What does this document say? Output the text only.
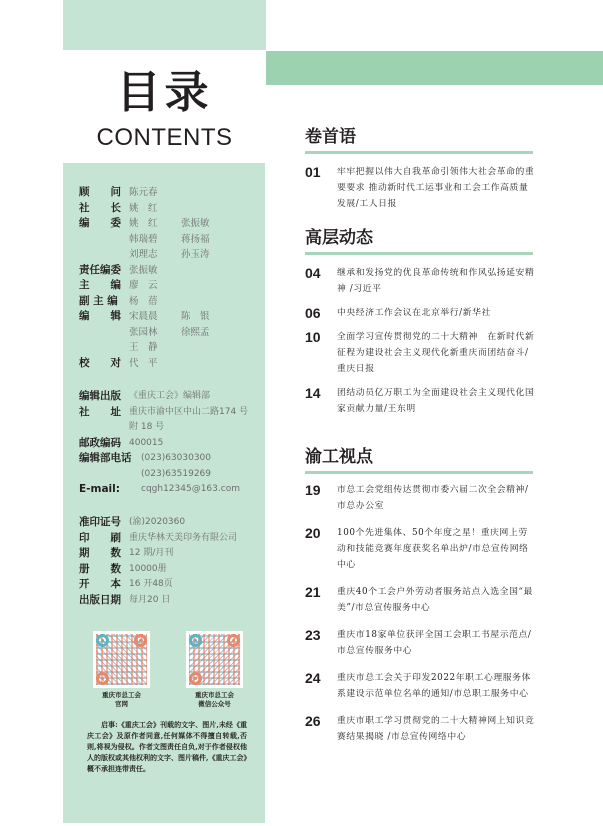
目录
CONTENTS
顾　　问 陈元春
社　　长 姚　红
编　　委 姚　红	张振敏
韩瑞碧	蒋扬福
刘理志	孙玉涛
责任编委 张振敏
主　　编 廖　云
副 主 编	杨　蓓
编　　辑 宋晨晨	陈　银
张园林	徐熙孟
王　静
校　　对 代　平
编辑出版 《重庆工会》编辑部
社　　址 重庆市渝中区中山二路174 号
附 18 号
邮政编码 400015
编辑部电话	(023)63030300
(023)63519269
E-mail:	cqgh12345@163.com
准印证号 (渝)2020360
印　　刷 重庆华林天美印务有限公司
期　　数 12 期/月刊
册　　数 10000册
开　　本 16 开48页
出版日期 每月20 日
重庆市总工会
官网
重庆市总工会
微信公众号
启事:《重庆工会》刊载的文字、图片,未经《重庆工会》及原作者同意,任何媒体不得擅自转载,否则,将视为侵权。作者文图责任自负,对于作者侵权他人的版权或其他权利的文字、图片稿件,《重庆工会》概不承担连带责任。
卷首语
01	牢牢把握以伟大自我革命引领伟大社会革命的重要要求 推动新时代工运事业和工会工作高质量发展/工人日报
高层动态
04	继承和发扬党的优良革命传统和作风弘扬延安精神 /习近平
06	中央经济工作会议在北京举行/新华社
10	全面学习宣传贯彻党的二十大精神　在新时代新征程为建设社会主义现代化新重庆而团结奋斗/重庆日报
14	团结动员亿万职工为全面建设社会主义现代化国家贡献力量/王东明
渝工视点
19	市总工会党组传达贯彻市委六届二次全会精神/市总办公室
20	100个先进集体、50个年度之星！重庆网上劳动和技能竞赛年度获奖名单出炉/市总宣传网络中心
21	重庆40个工会户外劳动者服务站点入选全国“最美”/市总宣传服务中心
23	重庆市18家单位获评全国工会职工书屋示范点/市总宣传服务中心
24	重庆市总工会关于印发2022年职工心理服务体系建设示范单位名单的通知/市总职工服务中心
26	重庆市职工学习贯彻党的二十大精神网上知识竞赛结果揭晓 /市总宣传网络中心
